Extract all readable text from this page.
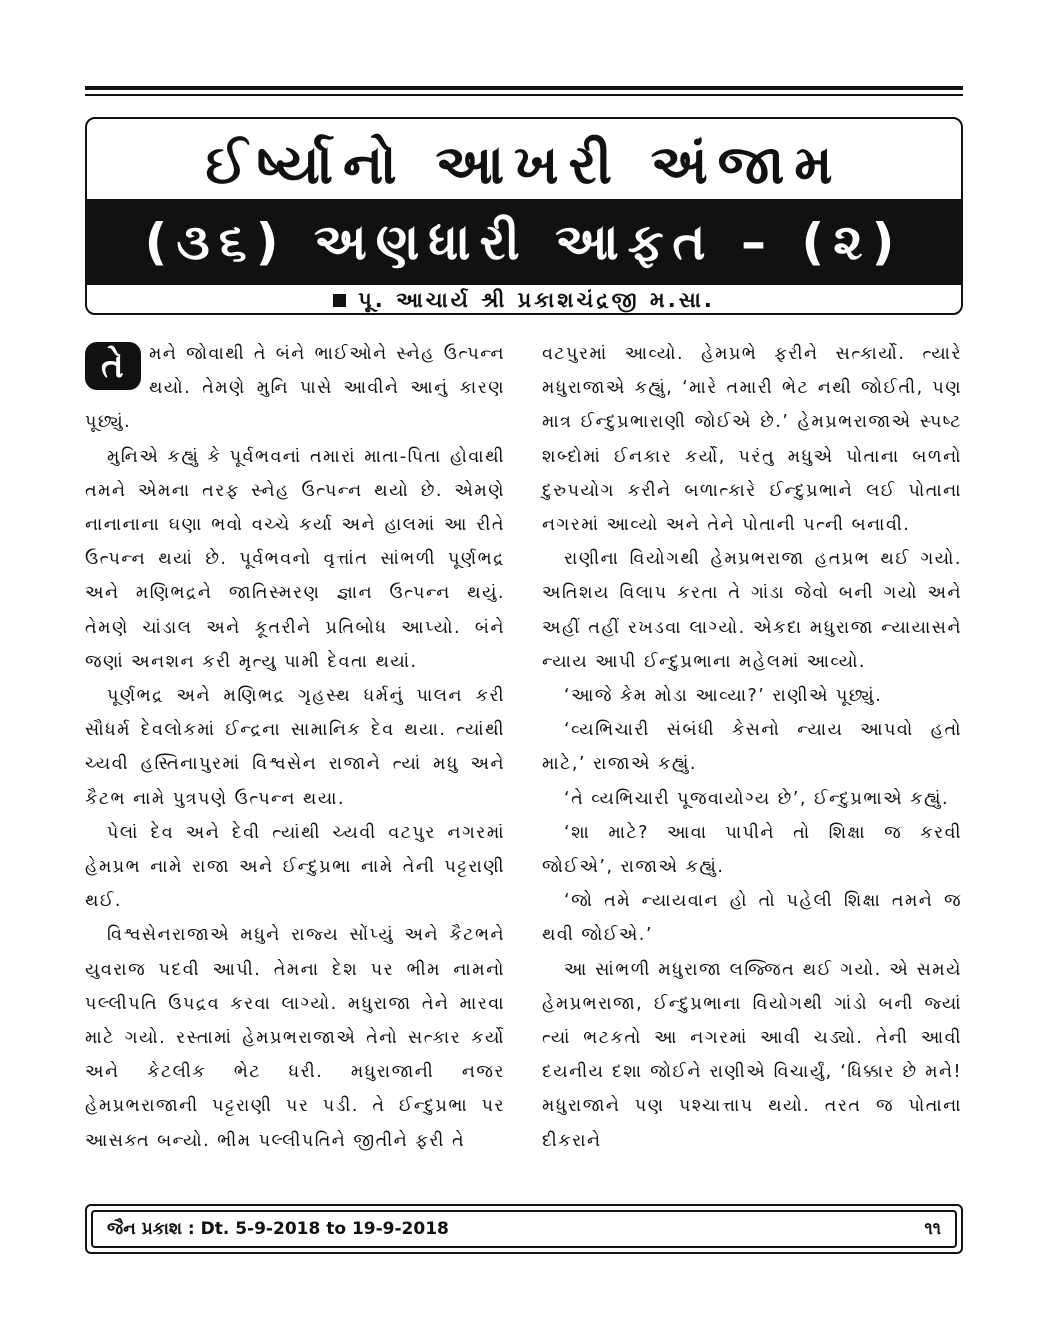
ઈર્ષ્યાનો આખરી અંજામ
(૩૬) અણધારી આફત – (૨)
પૂ. આચાર્ય શ્રી પ્રકાશચંદ્રજી મ.સા.
તે	મને જોવાથી તે બંને ભાઈઓને સ્નેહ ઉત્પન્ન થયો. તેમણે મુનિ પાસે આવીને આનું કારણ પૂછ્યું.

મુનિએ કહ્યું કે પૂર્વભવનાં તમારાં માતા-પિતા હોવાથી તમને એમના તરફ સ્નેહ ઉત્પન્ન થયો છે. એમણે નાનાનાના ઘણા ભવો વચ્ચે કર્યા અને હાલમાં આ રીતે ઉત્પન્ન થયાં છે. પૂર્વભવનો વૃત્તાંત સાંભળી પૂર્ણભદ્ર અને મણિભદ્રને જાતિસ્મરણ જ્ઞાન ઉત્પન્ન થયું. તેમણે ચાંડાલ અને કૂતરીને પ્રતિબોધ આપ્યો. બંને જણાં અનશન કરી મૃત્યુ પામી દેવતા થયાં.

પૂર્ણભદ્ર અને મણિભદ્ર ગૃહસ્થ ધર્મનું પાલન કરી સૌધર્મ દેવલોકમાં ઈન્દ્રના સામાનિક દેવ થયા. ત્યાંથી ચ્યવી હસ્તિનાપુરમાં વિશ્વસેન રાજાને ત્યાં મધુ અને કૈટભ નામે પુત્રપણે ઉત્પન્ન થયા.

પેલાં દેવ અને દેવી ત્યાંથી ચ્યવી વટપુર નગરમાં હેમપ્રભ નામે રાજા અને ઈન્દુપ્રભા નામે તેની પટ્ટરાણી થઈ.

વિશ્વસેનરાજાએ મધુને રાજ્ય સોંપ્યું અને કૈટભને યુવરાજ પદવી આપી. તેમના દેશ પર ભીમ નામનો પલ્લીપતિ ઉપદ્રવ કરવા લાગ્યો. મધુરાજા તેને મારવા માટે ગયો. રસ્તામાં હેમપ્રભરાજાએ તેનો સત્કાર કર્યો અને કેટલીક ભેટ ધરી. મધુરાજાની નજર હેમપ્રભરાજાની પટ્ટરાણી પર પડી. તે ઈન્દુપ્રભા પર આસક્ત બન્યો. ભીમ પલ્લીપતિને જીતીને ફરી તે

વટપુરમાં આવ્યો. હેમપ્રભે ફરીને સત્કાર્યો. ત્યારે મધુરાજાએ કહ્યું, ‘મારે તમારી ભેટ નથી જોઈતી, પણ માત્ર ઈન્દુપ્રભારાણી જોઈએ છે.’ હેમપ્રભરાજાએ સ્પષ્ટ શબ્દોમાં ઈનકાર કર્યો, પરંતુ મધુએ પોતાના બળનો દુરુપયોગ કરીને બળાત્કારે ઈન્દુપ્રભાને લઈ પોતાના નગરમાં આવ્યો અને તેને પોતાની પત્ની બનાવી.

રાણીના વિયોગથી હેમપ્રભરાજા હતપ્રભ થઈ ગયો. અતિશય વિલાપ કરતા તે ગાંડા જેવો બની ગયો અને અહીં તહીં રખડવા લાગ્યો. એકદા મધુરાજા ન્યાયાસને ન્યાય આપી ઈન્દુપ્રભાના મહેલમાં આવ્યો.

‘આજે કેમ મોડા આવ્યા?’ રાણીએ પૂછ્યું.

‘વ્યભિચારી સંબંધી કેસનો ન્યાય આપવો હતો માટે,’ રાજાએ કહ્યું.

‘તે વ્યભિચારી પૂજવાયોગ્ય છે’, ઈન્દુપ્રભાએ કહ્યું.

‘શા માટે? આવા પાપીને તો શિક્ષા જ કરવી જોઈએ’, રાજાએ કહ્યું.

‘જો તમે ન્યાયવાન હો તો પહેલી શિક્ષા તમને જ થવી જોઈએ.’

આ સાંભળી મધુરાજા લજ્જિત થઈ ગયો. એ સમયે હેમપ્રભરાજા, ઈન્દુપ્રભાના વિયોગથી ગાંડો બની જ્યાં ત્યાં ભટકતો આ નગરમાં આવી ચડ્યો. તેની આવી દયનીય દશા જોઈને રાણીએ વિચાર્યું, ‘ધિક્કાર છે મને! મધુરાજાને પણ પશ્ચાત્તાપ થયો. તરત જ પોતાના દીકરાને

જૈન પ્રકાશ : Dt. 5-9-2018 to 19-9-2018	૧૧
